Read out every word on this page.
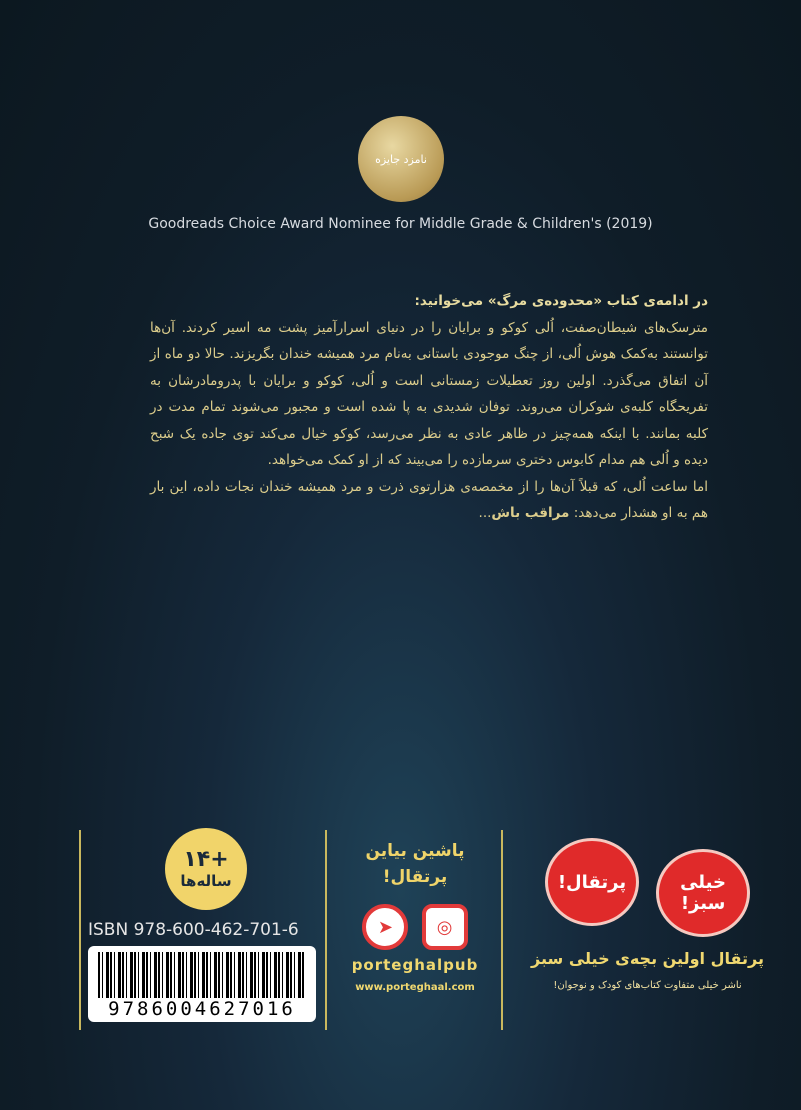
نامزد جایزه
Goodreads Choice Award Nominee for Middle Grade & Children's (2019)

در ادامه‌ی کتاب «محدوده‌ی مرگ» می‌خوانید:

مترسک‌های شیطان‌صفت، اُلی کوکو و برایان را در دنیای اسرارآمیز پشت مه اسیر کردند. آن‌ها توانستند به‌کمک هوش اُلی، از چنگ موجودی باستانی به‌نام مرد همیشه خندان بگریزند. حالا دو ماه از آن اتفاق می‌گذرد. اولین روز تعطیلات زمستانی است و اُلی، کوکو و برایان با پدرومادرشان به تفریحگاه کلبه‌ی شوکران می‌روند. توفان شدیدی به پا شده است و مجبور می‌شوند تمام مدت در کلبه بمانند. با اینکه همه‌چیز در ظاهر عادی به نظر می‌رسد، کوکو خیال می‌کند توی جاده یک شبح دیده و اُلی هم مدام کابوس دختری سرمازده را می‌بیند که از او کمک می‌خواهد.

اما ساعت اُلی، که قبلاً آن‌ها را از مخمصه‌ی هزارتوی ذرت و مرد همیشه خندان نجات داده، این بار هم به او هشدار می‌دهد: مراقب باش...

+۱۴
ساله‌ها
ISBN 978-600-462-701-6
9786004627016
پاشین بیاین
پرتقال!
◎ ➤
porteghalpub
www.porteghaal.com
خیلی سبز! پرتقال!
پرتقال اولین بچه‌ی خیلی سبز
ناشر خیلی متفاوت کتاب‌های کودک و نوجوان!
